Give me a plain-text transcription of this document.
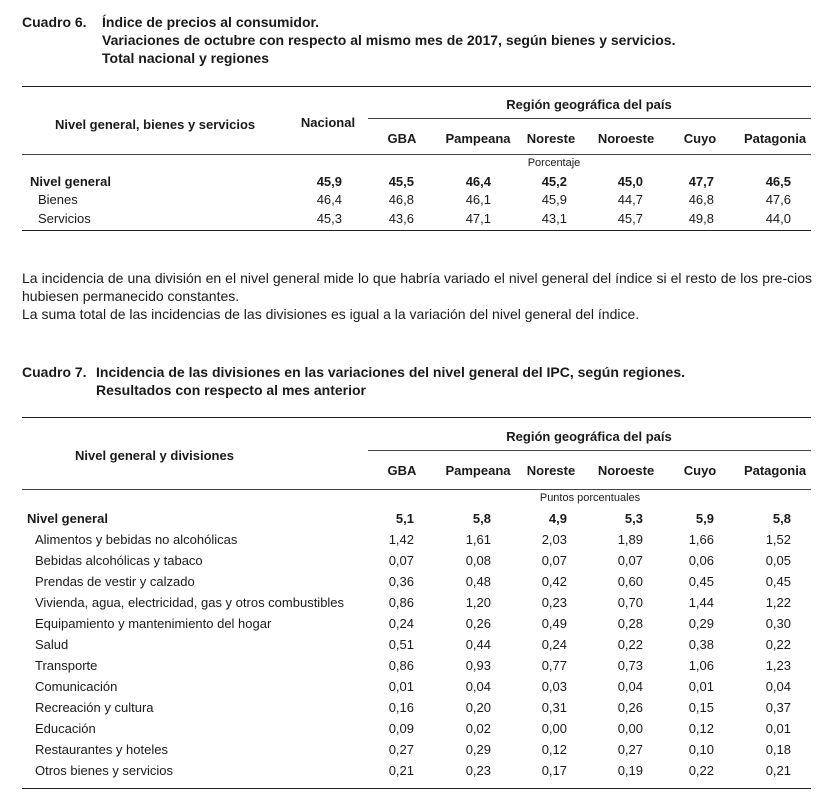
Cuadro 6. Índice de precios al consumidor.
Variaciones de octubre con respecto al mismo mes de 2017, según bienes y servicios.
Total nacional y regiones
Nivel general, bienes y servicios	Nacional
Región geográfica del país
GBA Pampeana Noreste Noroeste Cuyo Patagonia
Porcentaje
Nivel general	45,9	45,5	46,4	45,2	45,0	47,7	46,5
Bienes	46,4	46,8	46,1	45,9	44,7	46,8	47,6
Servicios	45,3	43,6	47,1	43,1	45,7	49,8	44,0

La incidencia de una división en el nivel general mide lo que habría variado el nivel general del índice si el resto de los pre-cios hubiesen permanecido constantes.

La suma total de las incidencias de las divisiones es igual a la variación del nivel general del índice.

Cuadro 7. Incidencia de las divisiones en las variaciones del nivel general del IPC, según regiones.
Resultados con respecto al mes anterior
Nivel general y divisiones
Región geográfica del país
GBA Pampeana Noreste Noroeste Cuyo Patagonia
Puntos porcentuales
Nivel general	5,1	5,8	4,9	5,3	5,9	5,8
Alimentos y bebidas no alcohólicas	1,42	1,61	2,03	1,89	1,66	1,52
Bebidas alcohólicas y tabaco	0,07	0,08	0,07	0,07	0,06	0,05
Prendas de vestir y calzado	0,36	0,48	0,42	0,60	0,45	0,45
Vivienda, agua, electricidad, gas y otros combustibles	0,86	1,20	0,23	0,70	1,44	1,22
Equipamiento y mantenimiento del hogar	0,24	0,26	0,49	0,28	0,29	0,30
Salud	0,51	0,44	0,24	0,22	0,38	0,22
Transporte	0,86	0,93	0,77	0,73	1,06	1,23
Comunicación	0,01	0,04	0,03	0,04	0,01	0,04
Recreación y cultura	0,16	0,20	0,31	0,26	0,15	0,37
Educación	0,09	0,02	0,00	0,00	0,12	0,01
Restaurantes y hoteles	0,27	0,29	0,12	0,27	0,10	0,18
Otros bienes y servicios	0,21	0,23	0,17	0,19	0,22	0,21
